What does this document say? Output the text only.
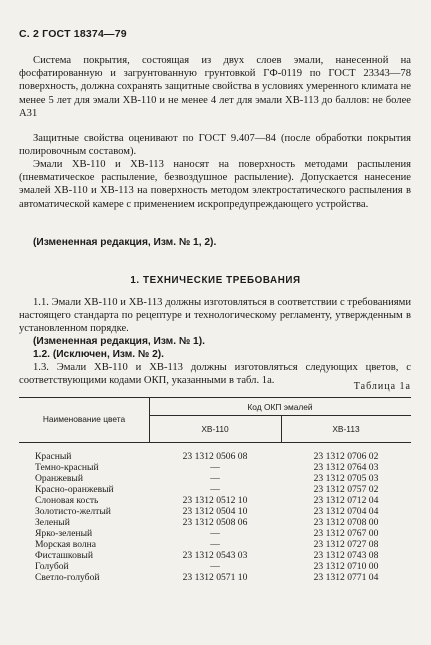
С. 2 ГОСТ 18374—79

Система покрытия, состоящая из двух слоев эмали, нанесенной на фосфатированную и загрунтованную грунтовкой ГФ-0119 по ГОСТ 23343—78 поверхность, должна сохранять защитные свойства в условиях умеренного климата не менее 5 лет для эмали ХВ-110 и не менее 4 лет для эмали ХВ-113 до баллов: не более А31

Защитные свойства оценивают по ГОСТ 9.407—84 (после обработки покрытия полировочным составом).

Эмали ХВ-110 и ХВ-113 наносят на поверхность методами распыления (пневматическое распыление, безвоздушное распыление). Допускается нанесение эмалей ХВ-110 и ХВ-113 на поверхность методом электростатического распыления в автоматической камере с применением искропредупреждающего устройства.

(Измененная редакция, Изм. № 1, 2).

1. ТЕХНИЧЕСКИЕ ТРЕБОВАНИЯ

1.1. Эмали ХВ-110 и ХВ-113 должны изготовляться в соответствии с требованиями настоящего стандарта по рецептуре и технологическому регламенту, утвержденным в установленном порядке.

(Измененная редакция, Изм. № 1).

1.2. (Исключен, Изм. № 2).

1.3. Эмали ХВ-110 и ХВ-113 должны изготовляться следующих цветов, с соответствующими кодами ОКП, указанными в табл. 1а.

Таблица 1а
Наименование цвета
Код ОКП эмалей
ХВ-110	ХВ-113
Красный	23 1312 0506 08	23 1312 0706 02
Темно-красный	—	23 1312 0764 03
Оранжевый	—	23 1312 0705 03
Красно-оранжевый	—	23 1312 0757 02
Слоновая кость	23 1312 0512 10	23 1312 0712 04
Золотисто-желтый	23 1312 0504 10	23 1312 0704 04
Зеленый	23 1312 0508 06	23 1312 0708 00
Ярко-зеленый	—	23 1312 0767 00
Морская волна	—	23 1312 0727 08
Фисташковый	23 1312 0543 03	23 1312 0743 08
Голубой	—	23 1312 0710 00
Светло-голубой	23 1312 0571 10	23 1312 0771 04
